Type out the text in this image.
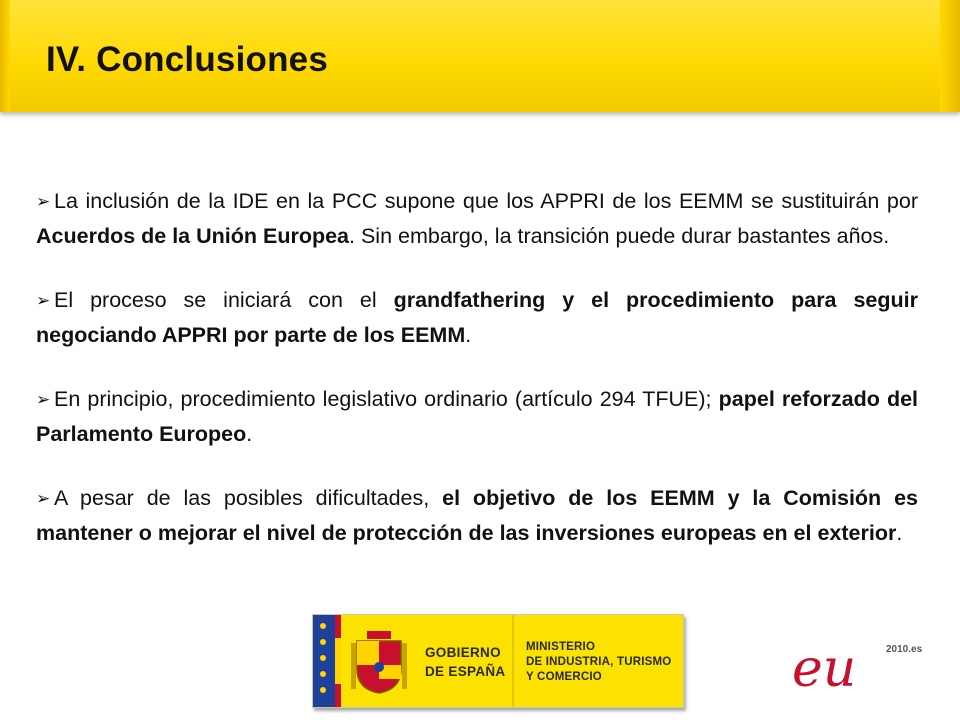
IV. Conclusiones

➢ La inclusión de la IDE en la PCC supone que los APPRI de los EEMM se sustituirán por Acuerdos de la Unión Europea. Sin embargo, la transición puede durar bastantes años.

➢ El proceso se iniciará con el grandfathering y el procedimiento para seguir negociando APPRI por parte de los EEMM.

➢ En principio, procedimiento legislativo ordinario (artículo 294 TFUE); papel reforzado del Parlamento Europeo.

➢ A pesar de las posibles dificultades, el objetivo de los EEMM y la Comisión es mantener o mejorar el nivel de protección de las inversiones europeas en el exterior.

GOBIERNO
DE ESPAÑA
MINISTERIO
DE INDUSTRIA, TURISMO
Y COMERCIO	eu	2010.es
